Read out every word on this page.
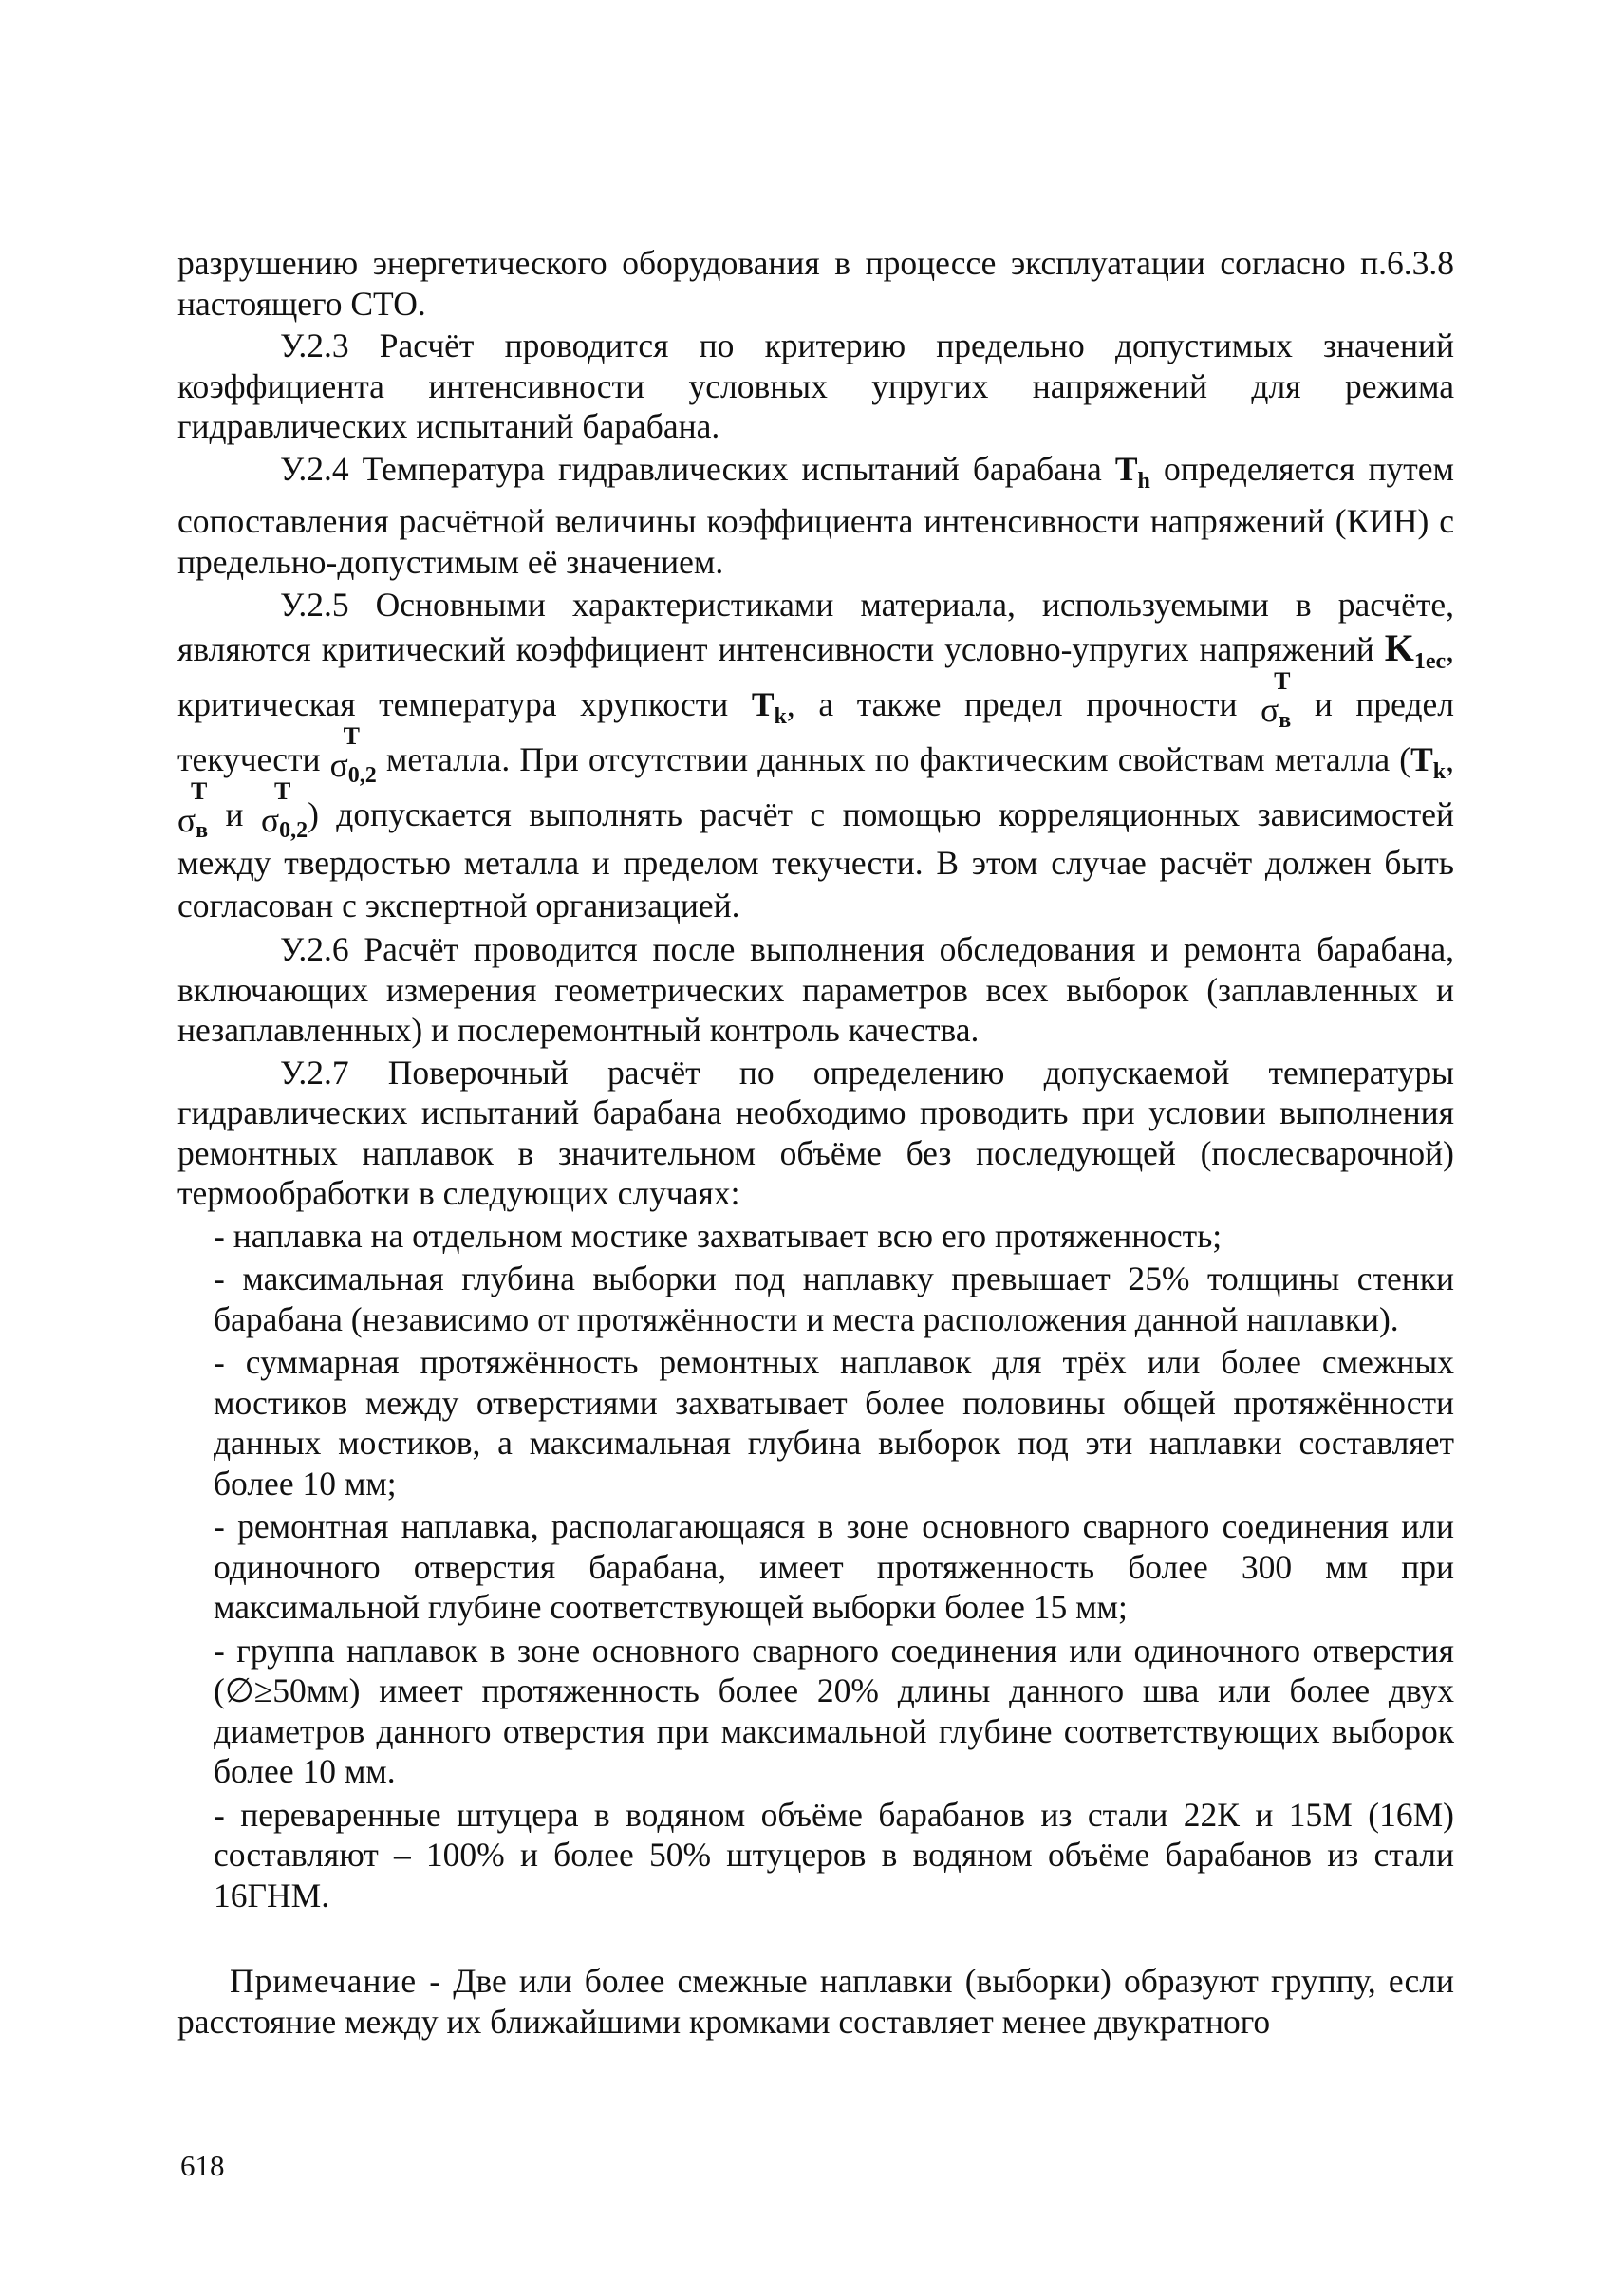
разрушению энергетического оборудования в процессе эксплуатации согласно п.6.3.8 настоящего СТО.

У.2.3 Расчёт проводится по критерию предельно допустимых значений коэффициента интенсивности условных упругих напряжений для режима гидравлических испытаний барабана.

У.2.4 Температура гидравлических испытаний барабана $T_h$ определяется путем сопоставления расчётной величины коэффициента интенсивности напряжений (КИН) с предельно-допустимым её значением.

У.2.5 Основными характеристиками материала, используемыми в расчёте, являются критический коэффициент интенсивности условно-упругих напряжений $K_{1ec}$, критическая температура хрупкости $T_k$, а также предел прочности σ
T
$_в$ и предел текучести σ
T
$_{0,2}$ металла. При отсутствии данных по фактическим свойствам металла ($T_k$, σ
T
$_в$ и σ
T
$_{0,2}$) допускается выполнять расчёт с помощью корреляционных зависимостей между твердостью металла и пределом текучести. В этом случае расчёт должен быть согласован с экспертной организацией.

У.2.6 Расчёт проводится после выполнения обследования и ремонта барабана, включающих измерения геометрических параметров всех выборок (заплавленных и незаплавленных) и послеремонтный контроль качества.

У.2.7 Поверочный расчёт по определению допускаемой температуры гидравлических испытаний барабана необходимо проводить при условии выполнения ремонтных наплавок в значительном объёме без последующей (послесварочной) термообработки в следующих случаях:

- наплавка на отдельном мостике захватывает всю его протяженность;

- максимальная глубина выборки под наплавку превышает 25% толщины стенки барабана (независимо от протяжённости и места расположения данной наплавки).

- суммарная протяжённость ремонтных наплавок для трёх или более смежных мостиков между отверстиями захватывает более половины общей протяжённости данных мостиков, а максимальная глубина выборок под эти наплавки составляет более 10 мм;

- ремонтная наплавка, располагающаяся в зоне основного сварного соединения или одиночного отверстия барабана, имеет протяженность более 300 мм при максимальной глубине соответствующей выборки более 15 мм;

- группа наплавок в зоне основного сварного соединения или одиночного отверстия (∅≥50мм) имеет протяженность более 20% длины данного шва или более двух диаметров данного отверстия при максимальной глубине соответствующих выборок более 10 мм.

- переваренные штуцера в водяном объёме барабанов из стали 22К и 15М (16М) составляют – 100% и более 50% штуцеров в водяном объёме барабанов из стали 16ГНМ.

Примечание - Две или более смежные наплавки (выборки) образуют группу, если расстояние между их ближайшими кромками составляет менее двукратного

618
